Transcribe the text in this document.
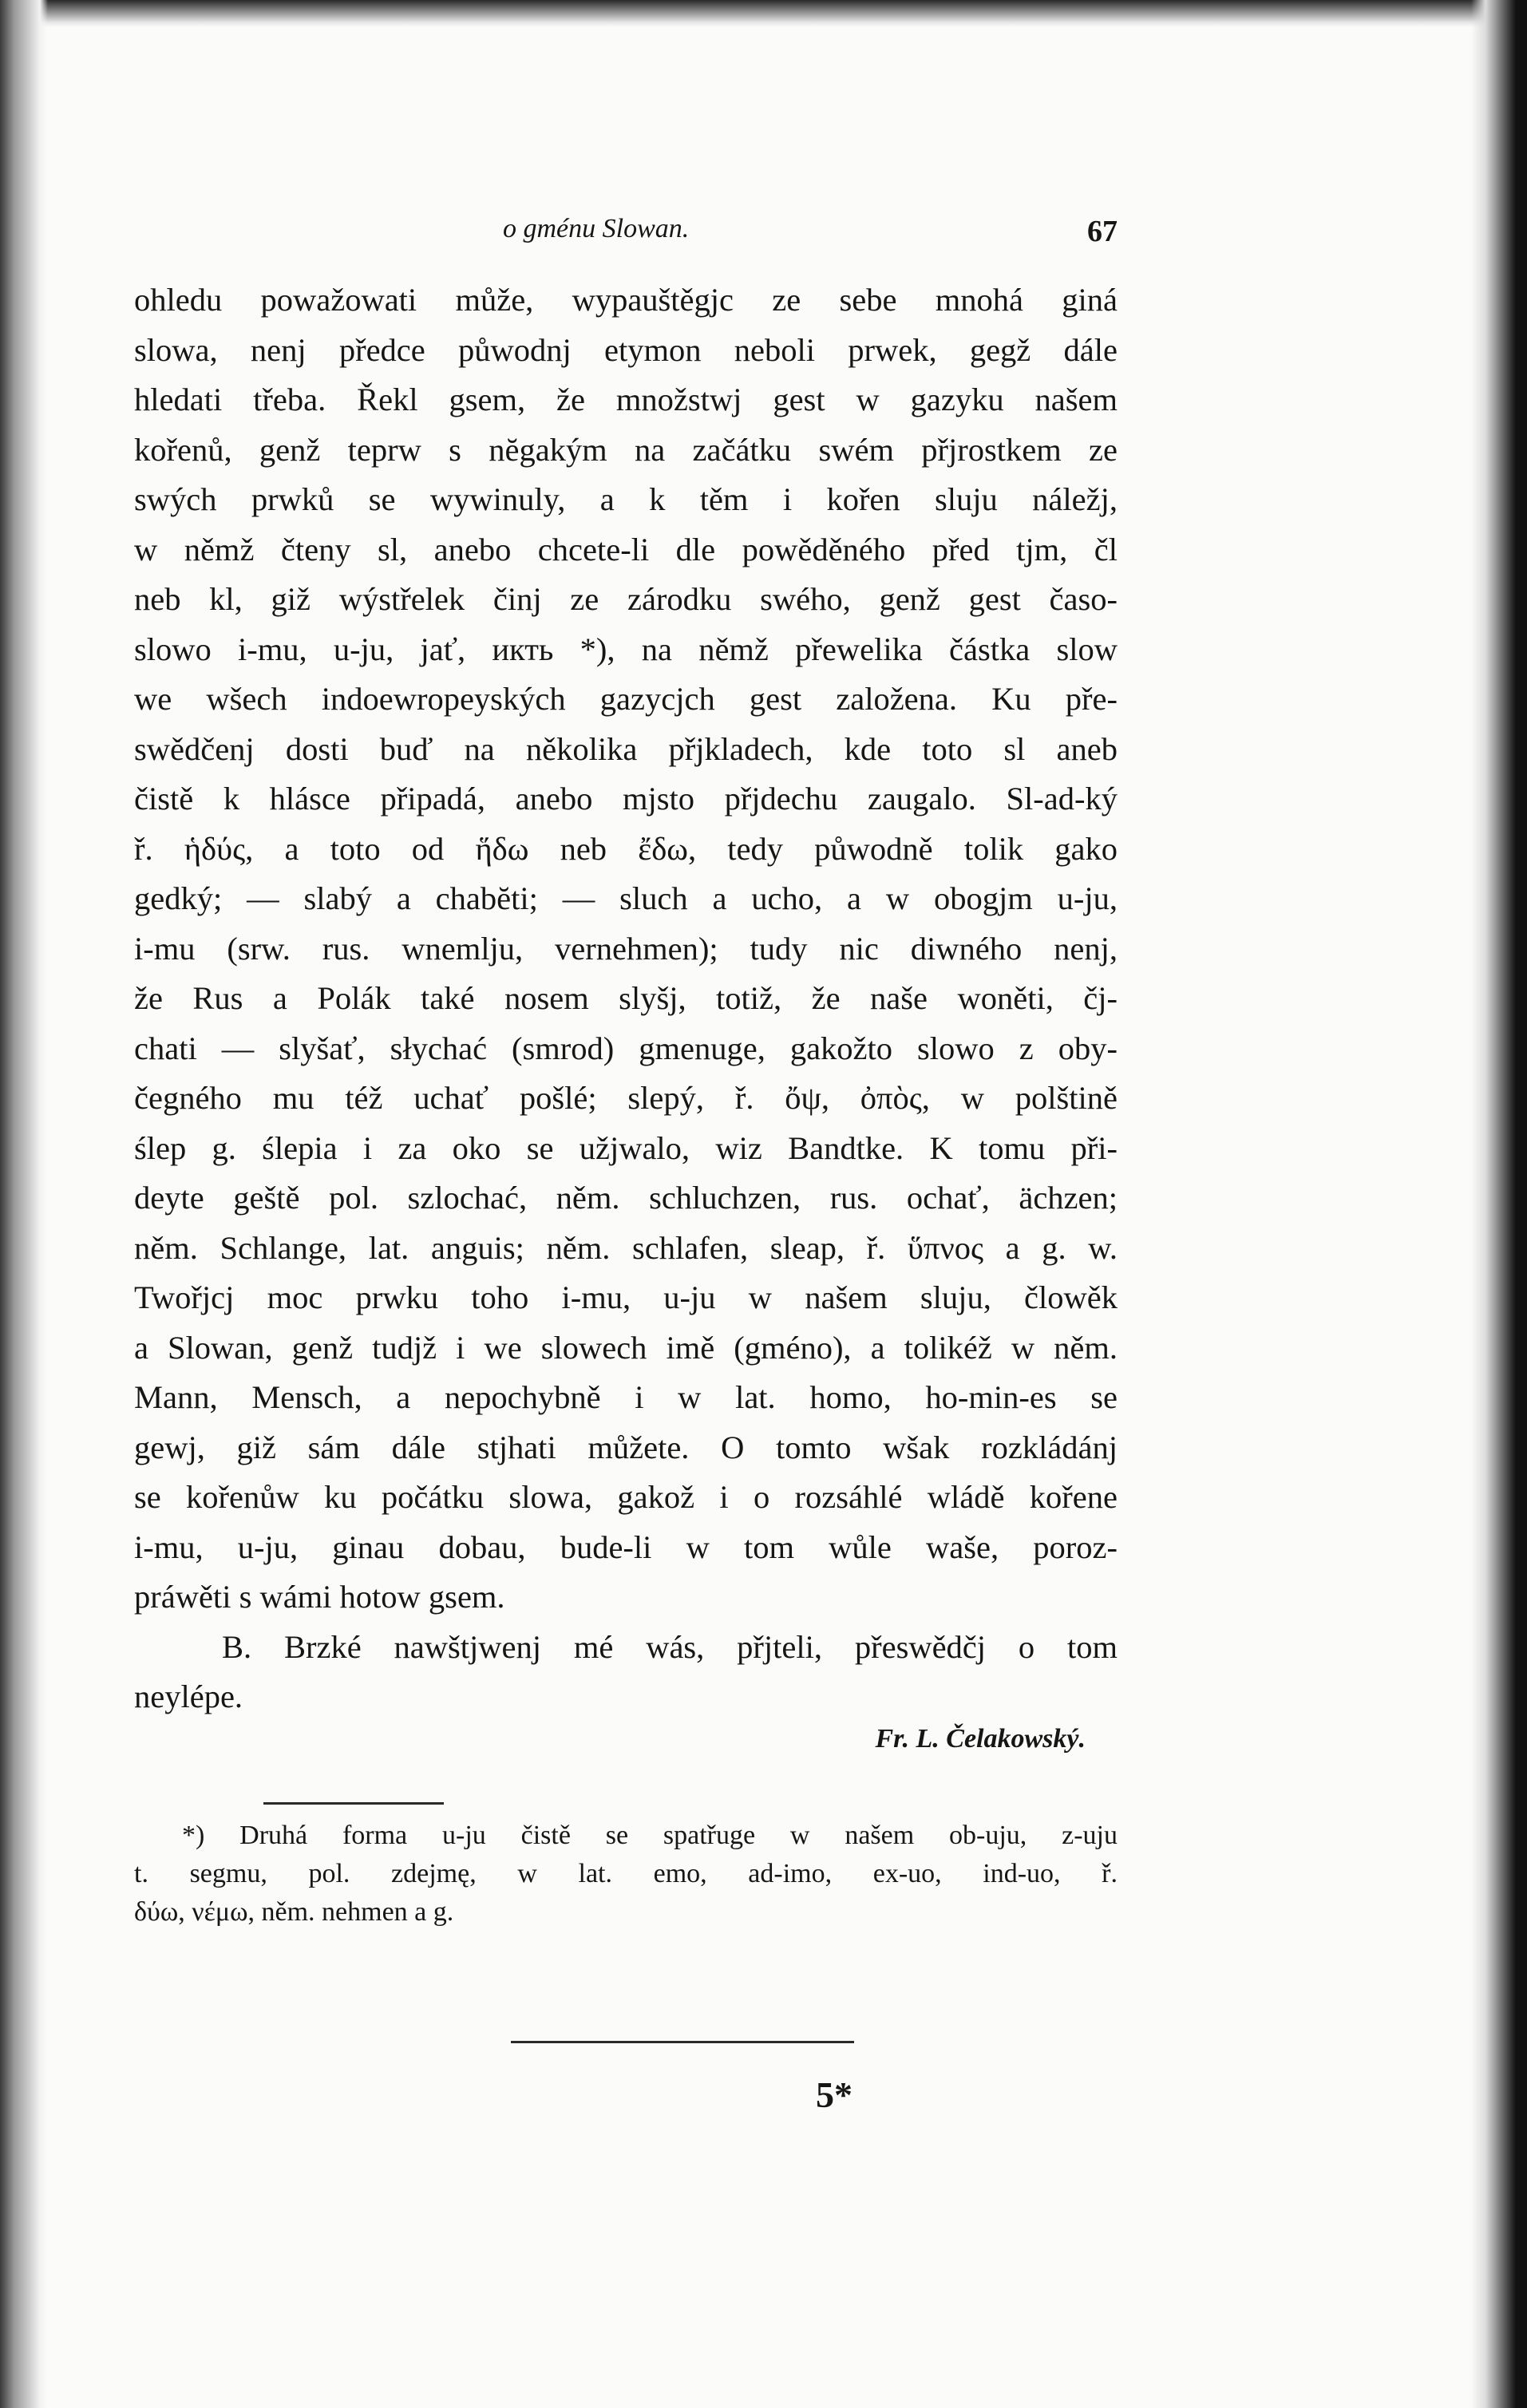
o gménu Slowan.	67
ohledu powažowati může, wypauštěgjc ze sebe mnohá giná
slowa, nenj předce půwodnj etymon neboli prwek, gegž dále
hledati třeba. Řekl gsem, že množstwj gest w gazyku našem
kořenů, genž teprw s nĕgakým na začátku swém přjrostkem ze
swých prwků se wywinuly, a k těm i kořen sluju náležj,
w němž čteny sl, anebo chcete-li dle powěděného před tjm, čl
neb kl, giž wýstřelek činj ze zárodku swého, genž gest časo-
slowo i-mu, u-ju, jať, икть *), na němž přewelika částka slow
we wšech indoewropeyských gazycjch gest založena. Ku pře-
swědčenj dosti buď na několika přjkladech, kde toto sl aneb
čistě k hlásce připadá, anebo mjsto přjdechu zaugalo. Sl-ad-ký
ř. ἡδύς, a toto od ἥδω neb ἔδω, tedy půwodně tolik gako
gedký; — slabý a chabĕti; — sluch a ucho, a w obogjm u-ju,
i-mu (srw. rus. wnemlju, vernehmen); tudy nic diwného nenj,
že Rus a Polák také nosem slyšj, totiž, že naše woněti, čj-
chati — slyšať, słychać (smrod) gmenuge, gakožto slowo z oby-
čegného mu též uchať pošlé; slepý, ř. ὄψ, ὀπὸς, w polštině
ślep g. ślepia i za oko se užjwalo, wiz Bandtke. K tomu při-
deyte geště pol. szlochać, něm. schluchzen, rus. ochať, ächzen;
něm. Schlange, lat. anguis; něm. schlafen, sleap, ř. ὕπνος a g. w.
Twořjcj moc prwku toho i-mu, u-ju w našem sluju, člowěk
a Slowan, genž tudjž i we slowech imě (gméno), a tolikéž w něm.
Mann, Mensch, a nepochybně i w lat. homo, ho-min-es se
gewj, giž sám dále stjhati můžete. O tomto wšak rozkládánj
se kořenůw ku počátku slowa, gakož i o rozsáhlé wládě kořene
i-mu, u-ju, ginau dobau, bude-li w tom wůle waše, poroz-
práwěti s wámi hotow gsem.
B. Brzké nawštjwenj mé wás, přjteli, přeswědčj o tom
neylépe.
Fr. L. Čelakowský.
*) Druhá forma u-ju čistě se spatřuge w našem ob-uju, z-uju
t. segmu, pol. zdejmę, w lat. emo, ad-imo, ex-uo, ind-uo, ř.
δύω, νέμω, něm. nehmen a g.
5*
